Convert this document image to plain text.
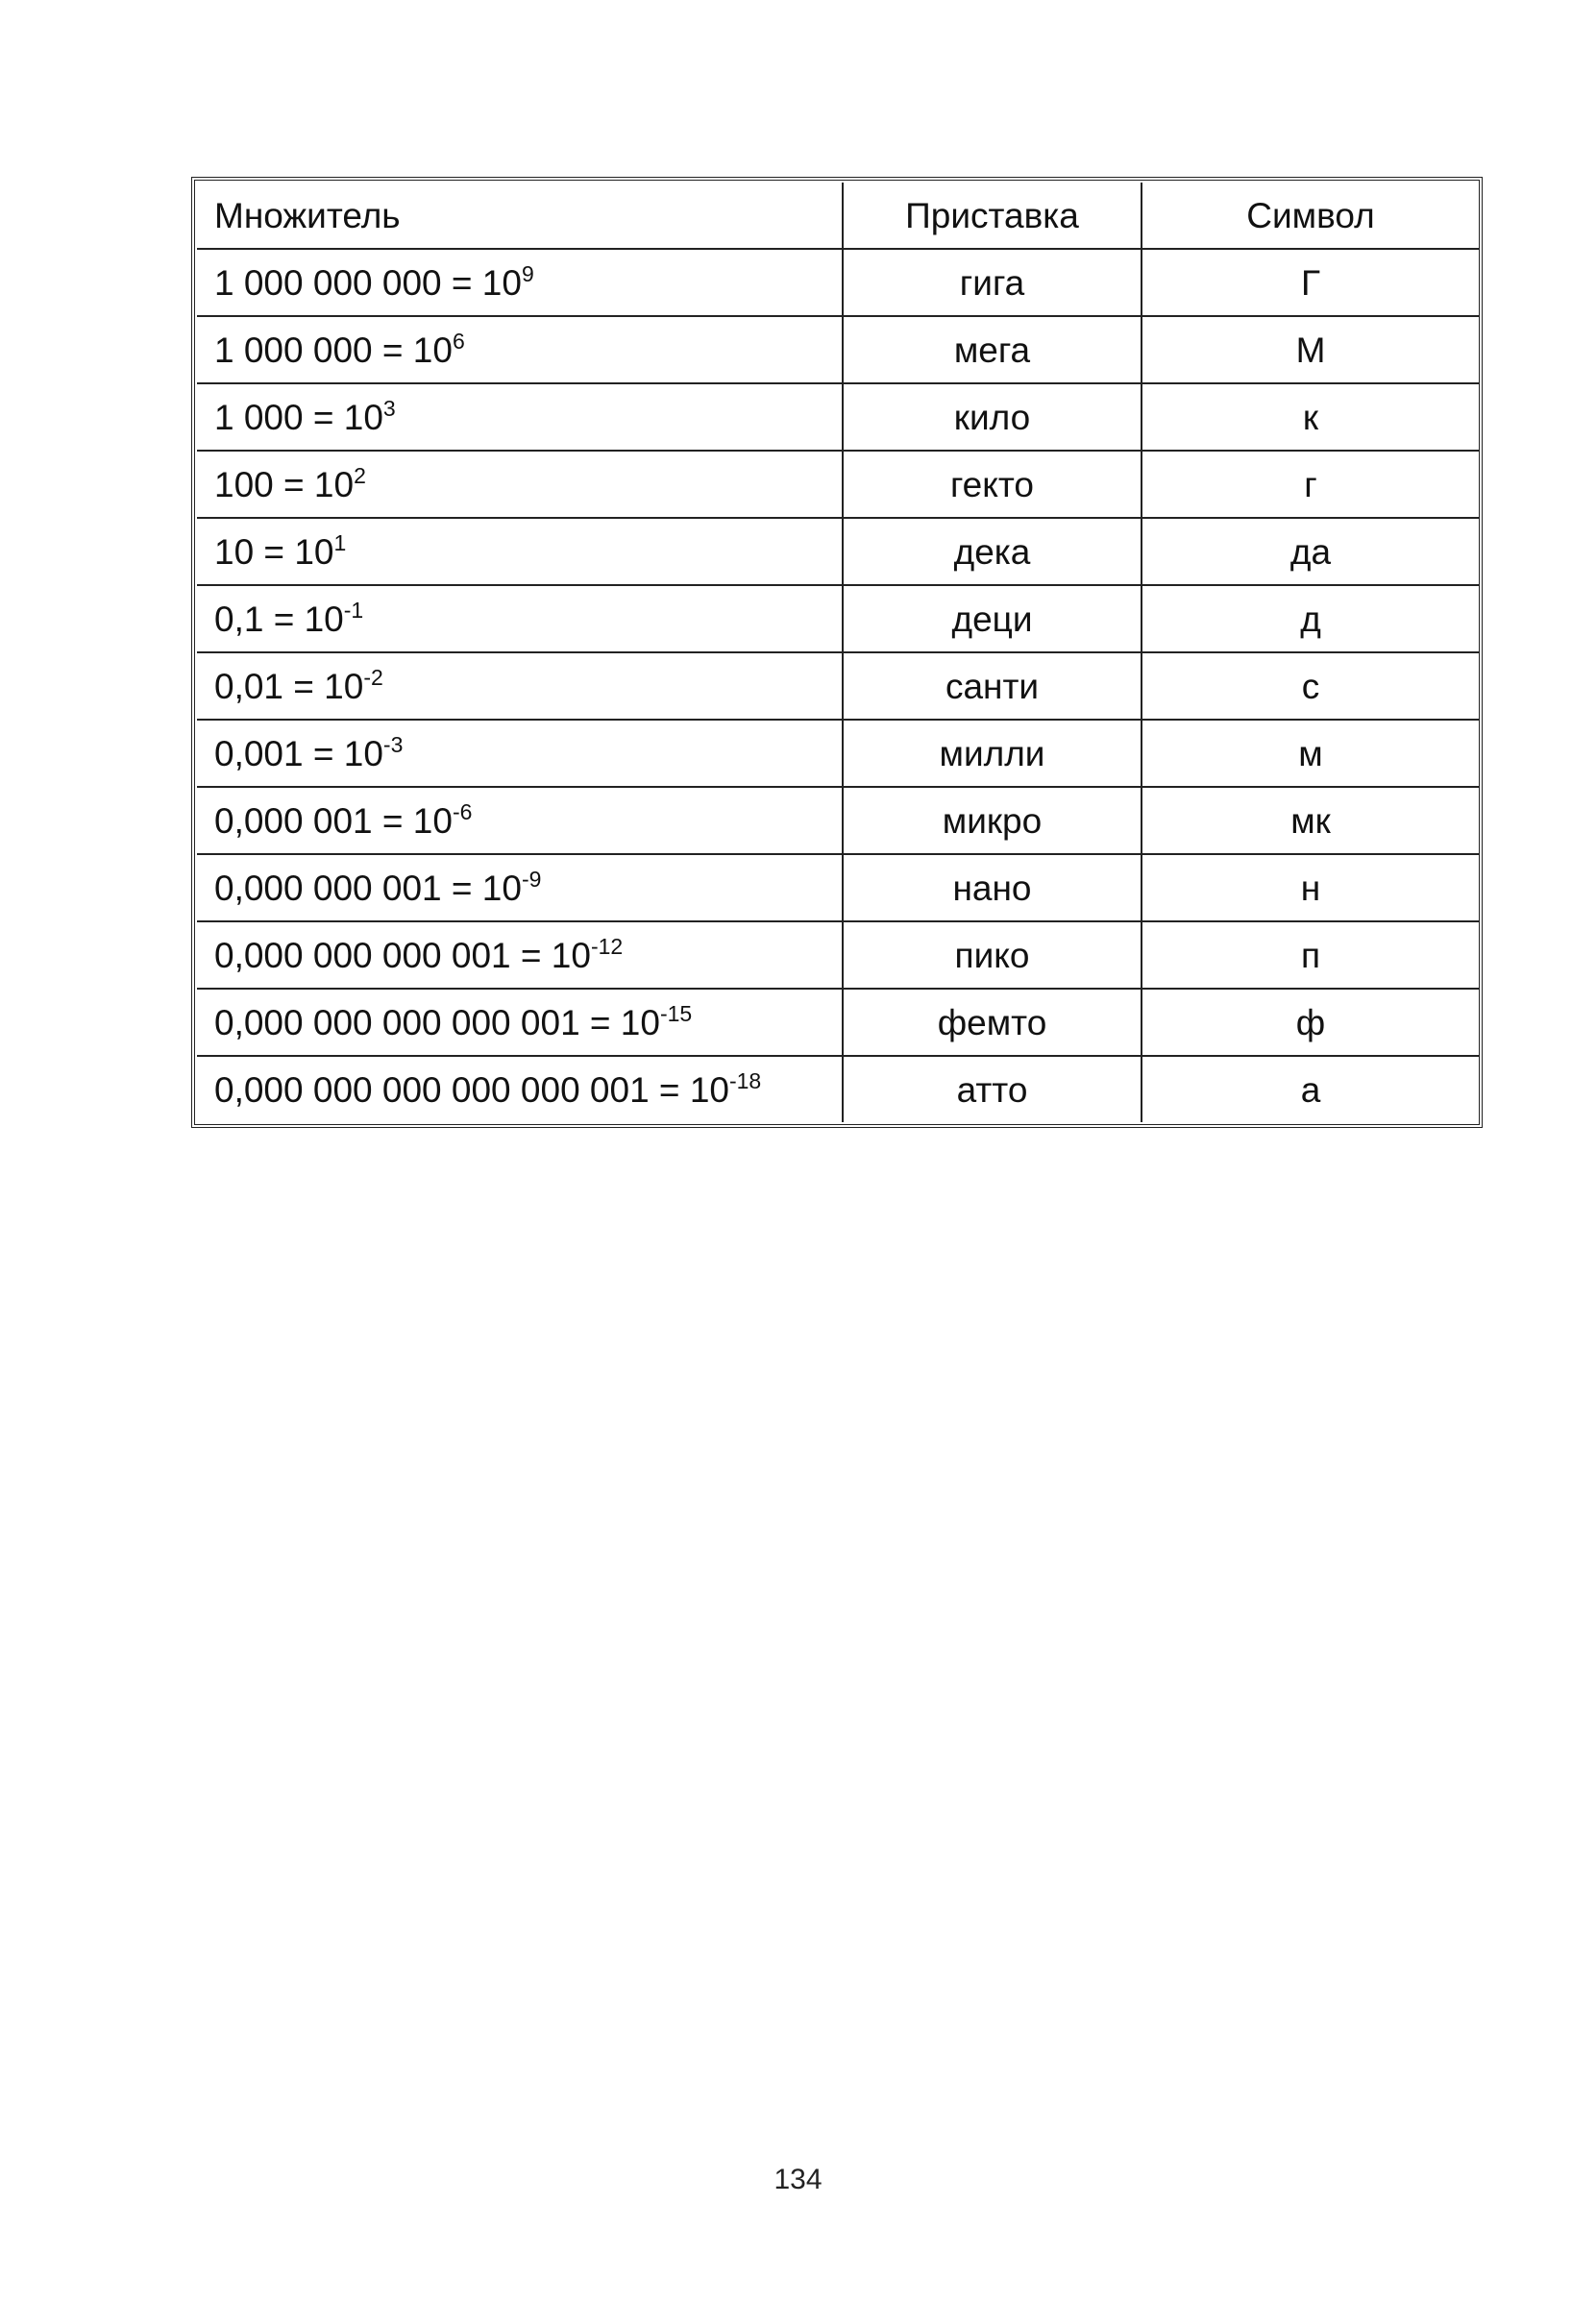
Множитель	Приставка	Символ
1 000 000 $000 = 10^9$	гига	Г
1 000 $000 = 10^6$	мега	М
1 $000 = 10^3$	кило	к
$100 = 10^2$	гекто	г
$10 = 10^1$	дека	да
$0,1 = 10^{-1}$	деци	д
$0,01 = 10^{-2}$	санти	с
$0,001 = 10^{-3}$	милли	м
0,000 $001 = 10^{-6}$	микро	мк
0,000 000 $001 = 10^{-9}$	нано	н
0,000 000 000 $001 = 10^{-12}$	пико	п
0,000 000 000 000 $001 = 10^{-15}$	фемто	ф
0,000 000 000 000 000 $001 = 10^{-18}$	атто	а
134
